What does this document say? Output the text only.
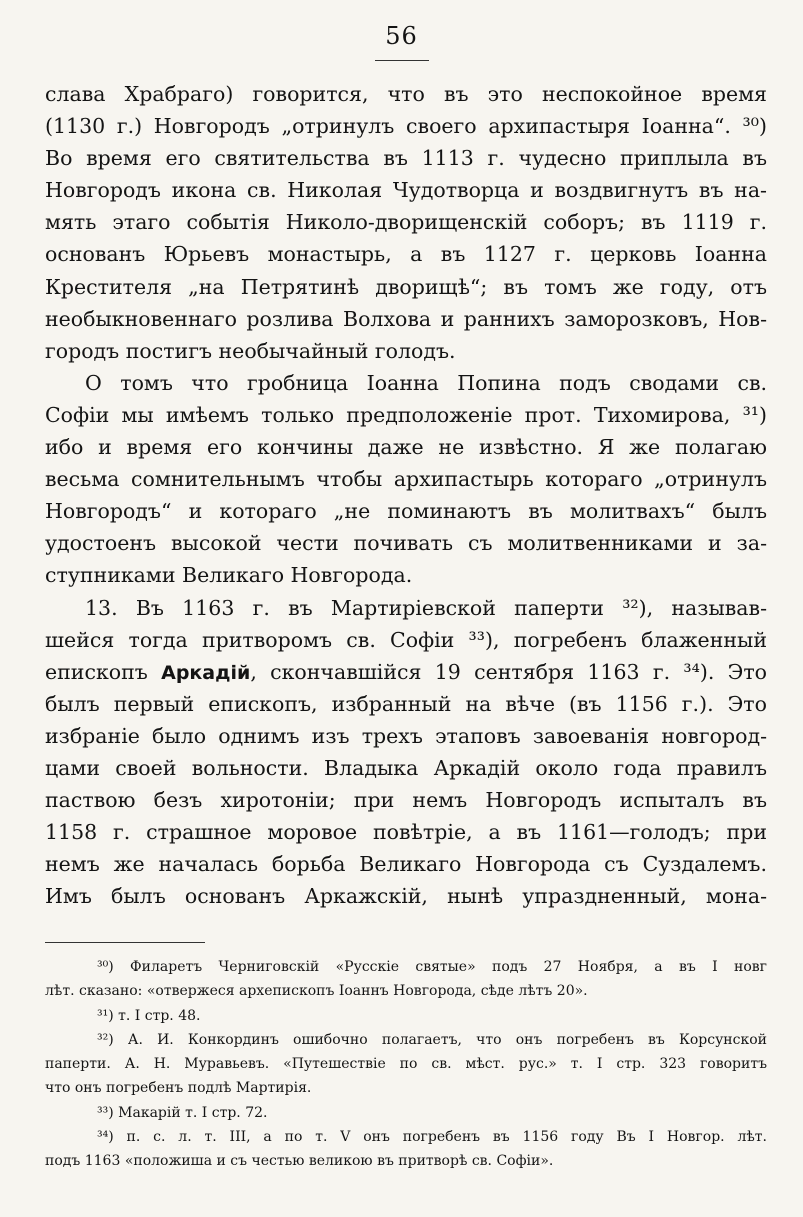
56
слава Храбраго) говорится, что въ это неспокойное время
(1130 г.) Новгородъ „отринулъ своего архипастыря Іоанна“. ³⁰)
Во время его святительства въ 1113 г. чудесно приплыла въ
Новгородъ икона св. Николая Чудотворца и воздвигнутъ въ на-
мять этаго событія Николо-дворищенскій соборъ; въ 1119 г.
основанъ Юрьевъ монастырь, а въ 1127 г. церковь Іоанна
Крестителя „на Петрятинѣ дворищѣ“; въ томъ же году, отъ
необыкновеннаго розлива Волхова и раннихъ заморозковъ, Нов-
городъ постигъ необычайный голодъ.
О томъ что гробница Іоанна Попина подъ сводами св.
Софіи мы имѣемъ только предположеніе прот. Тихомирова, ³¹)
ибо и время его кончины даже не извѣстно. Я же полагаю
весьма сомнительнымъ чтобы архипастырь котораго „отринулъ
Новгородъ“ и котораго „не поминаютъ въ молитвахъ“ былъ
удостоенъ высокой чести почивать съ молитвенниками и за-
ступниками Великаго Новгорода.
13. Въ 1163 г. въ Мартиріевской паперти ³²), называв-
шейся тогда притворомъ св. Софіи ³³), погребенъ блаженный
епископъ Аркадій, скончавшійся 19 сентября 1163 г. ³⁴). Это
былъ первый епископъ, избранный на вѣче (въ 1156 г.). Это
избраніе было однимъ изъ трехъ этаповъ завоеванія новгород-
цами своей вольности. Владыка Аркадій около года правилъ
паствою безъ хиротоніи; при немъ Новгородъ испыталъ въ
1158 г. страшное моровое повѣтріе, а въ 1161—голодъ; при
немъ же началась борьба Великаго Новгорода съ Суздалемъ.
Имъ былъ основанъ Аркажскій, нынѣ упраздненный, мона-
³⁰) Филаретъ Черниговскій «Русскіе святые» подъ 27 Ноября, а въ I новг
лѣт. сказано: «отвержеся архепископъ Іоаннъ Новгорода, сѣде лѣтъ 20».
³¹) т. I стр. 48.
³²) А. И. Конкординъ ошибочно полагаетъ, что онъ погребенъ въ Корсунской
паперти. А. Н. Муравьевъ. «Путешествіе по св. мѣст. рус.» т. I стр. 323 говоритъ
что онъ погребенъ подлѣ Мартирія.
³³) Макарій т. I стр. 72.
³⁴) п. с. л. т. III, а по т. V онъ погребенъ въ 1156 году Въ I Новгор. лѣт.
подъ 1163 «положиша и съ честью великою въ притворѣ св. Софіи».
